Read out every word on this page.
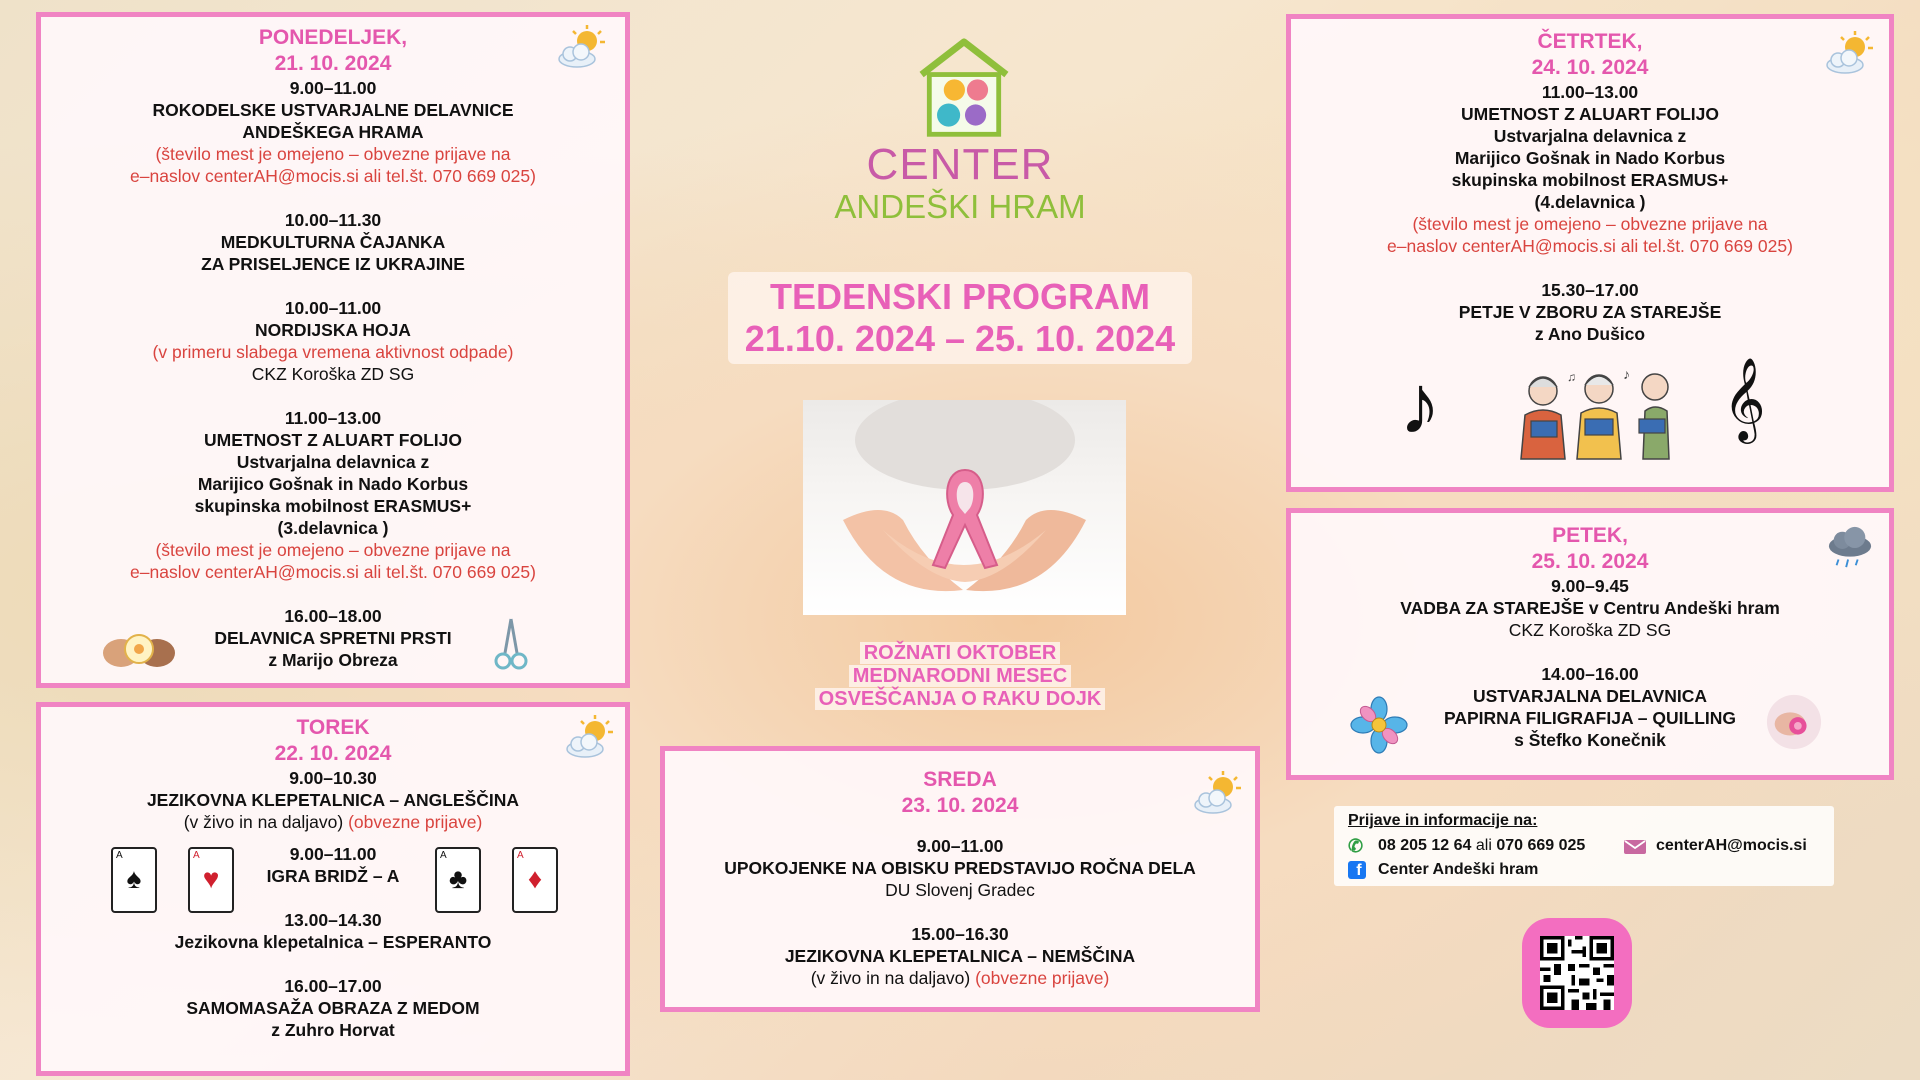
PONEDELJEK,
21. 10. 2024
9.00–11.00
ROKODELSKE USTVARJALNE DELAVNICE
ANDEŠKEGA HRAMA
(število mest je omejeno – obvezne prijave na
e–naslov centerAH@mocis.si ali tel.št. 070 669 025)
10.00–11.30
MEDKULTURNA ČAJANKA
ZA PRISELJENCE IZ UKRAJINE
10.00–11.00
NORDIJSKA HOJA
(v primeru slabega vremena aktivnost odpade)
CKZ Koroška ZD SG
11.00–13.00
UMETNOST Z ALUART FOLIJO
Ustvarjalna delavnica z
Marijico Gošnak in Nado Korbus
skupinska mobilnost ERASMUS+
(3.delavnica )
(število mest je omejeno – obvezne prijave na
e–naslov centerAH@mocis.si ali tel.št. 070 669 025)
16.00–18.00
DELAVNICA SPRETNI PRSTI
z Marijo Obreza
TOREK
22. 10. 2024
9.00–10.30
JEZIKOVNA KLEPETALNICA – ANGLEŠČINA
(v živo in na daljavo) (obvezne prijave)
9.00–11.00
IGRA BRIDŽ – A
13.00–14.30
Jezikovna klepetalnica – ESPERANTO
16.00–17.00
SAMOMASAŽA OBRAZA Z MEDOM
z Zuhro Horvat
A
♠
A
♥
A
♣
A
♦
CENTER
ANDEŠKI HRAM
TEDENSKI PROGRAM
21.10. 2024 – 25. 10. 2024
ROŽNATI OKTOBER
MEDNARODNI MESEC
OSVEŠČANJA O RAKU DOJK
SREDA
23. 10. 2024
9.00–11.00
UPOKOJENKE NA OBISKU PREDSTAVIJO ROČNA DELA
DU Slovenj Gradec
15.00–16.30
JEZIKOVNA KLEPETALNICA – NEMŠČINA
(v živo in na daljavo) (obvezne prijave)
ČETRTEK,
24. 10. 2024
11.00–13.00
UMETNOST Z ALUART FOLIJO
Ustvarjalna delavnica z
Marijico Gošnak in Nado Korbus
skupinska mobilnost ERASMUS+
(4.delavnica )
(število mest je omejeno – obvezne prijave na
e–naslov centerAH@mocis.si ali tel.št. 070 669 025)
15.30–17.00
PETJE V ZBORU ZA STAREJŠE
z Ano Dušico
♪	♪
♫ 𝄞
PETEK,
25. 10. 2024
9.00–9.45
VADBA ZA STAREJŠE v Centru Andeški hram
CKZ Koroška ZD SG
14.00–16.00
USTVARJALNA DELAVNICA
PAPIRNA FILIGRAFIJA – QUILLING
s Štefko Konečnik
Prijave in informacije na:
✆ 08 205 12 64 ali 070 669 025	centerAH@mocis.si
f Center Andeški hram
